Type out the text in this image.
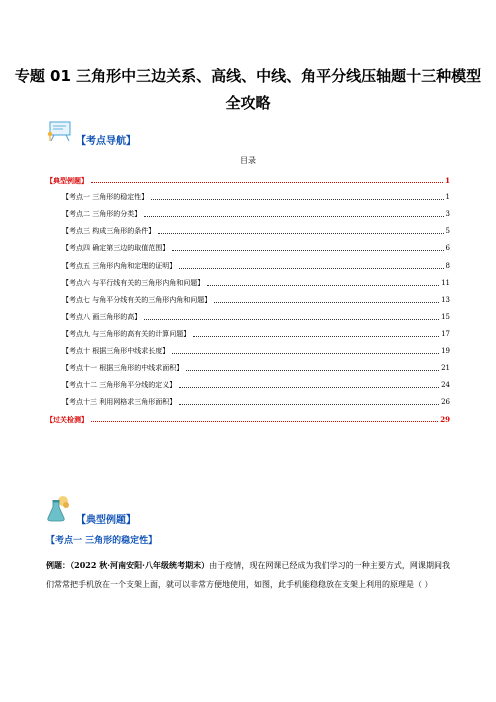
专题 01 三角形中三边关系、高线、中线、角平分线压轴题十三种模型
全攻略
【考点导航】
目录
【典型例题】	1
【考点一 三角形的稳定性】	1
【考点二 三角形的分类】	3
【考点三 构成三角形的条件】	5
【考点四 确定第三边的取值范围】	6
【考点五 三角形内角和定理的证明】	8
【考点六 与平行线有关的三角形内角和问题】	11
【考点七 与角平分线有关的三角形内角和问题】	13
【考点八 画三角形的高】	15
【考点九 与三角形的高有关的计算问题】	17
【考点十 根据三角形中线求长度】	19
【考点十一 根据三角形的中线求面积】	21
【考点十二 三角形角平分线的定义】	24
【考点十三 利用网格求三角形面积】	26
【过关检测】	29
【典型例题】
【考点一 三角形的稳定性】
例题：（2022 秋·河南安阳·八年级统考期末）由于疫情，现在网课已经成为我们学习的一种主要方式，网课期间我们常常把手机放在一个支架上面，就可以非常方便地使用，如图，此手机能稳稳放在支架上利用的原理是（ ）
